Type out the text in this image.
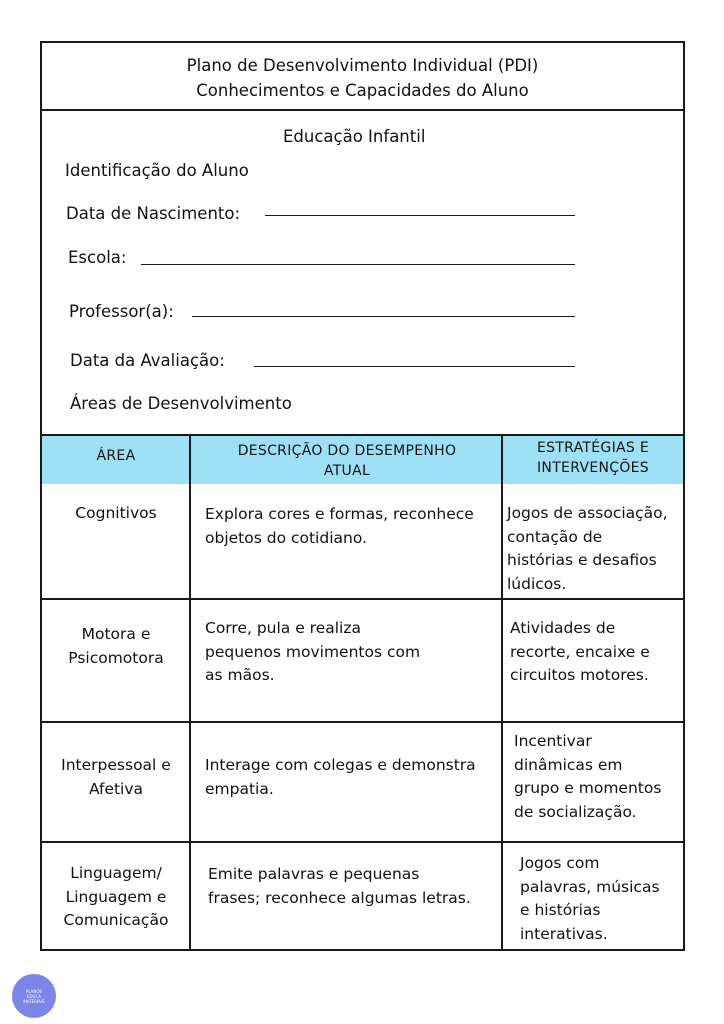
Plano de Desenvolvimento Individual (PDI)
Conhecimentos e Capacidades do Aluno
Educação Infantil
Identificação do Aluno
Data de Nascimento:
Escola:
Professor(a):
Data da Avaliação:
Áreas de Desenvolvimento
ÁREA	DESCRIÇÃO DO DESEMPENHO
ATUAL
ESTRATÉGIAS E
INTERVENÇÕES
Cognitivos	Explora cores e formas, reconhece
objetos do cotidiano.
Jogos de associação,
contação de
histórias e desafios
lúdicos.
Motora e
Psicomotora
Corre, pula e realiza
pequenos movimentos com
as mãos.
Atividades de
recorte, encaixe e
circuitos motores.
Interpessoal e
Afetiva
Interage com colegas e demonstra
empatia.
Incentivar
dinâmicas em
grupo e momentos
de socialização.
Linguagem/
Linguagem e
Comunicação
Emite palavras e pequenas
frases; reconhece algumas letras.
Jogos com
palavras, músicas
e histórias
interativas.
PLANOS
EDUCA
MATERIAIS
